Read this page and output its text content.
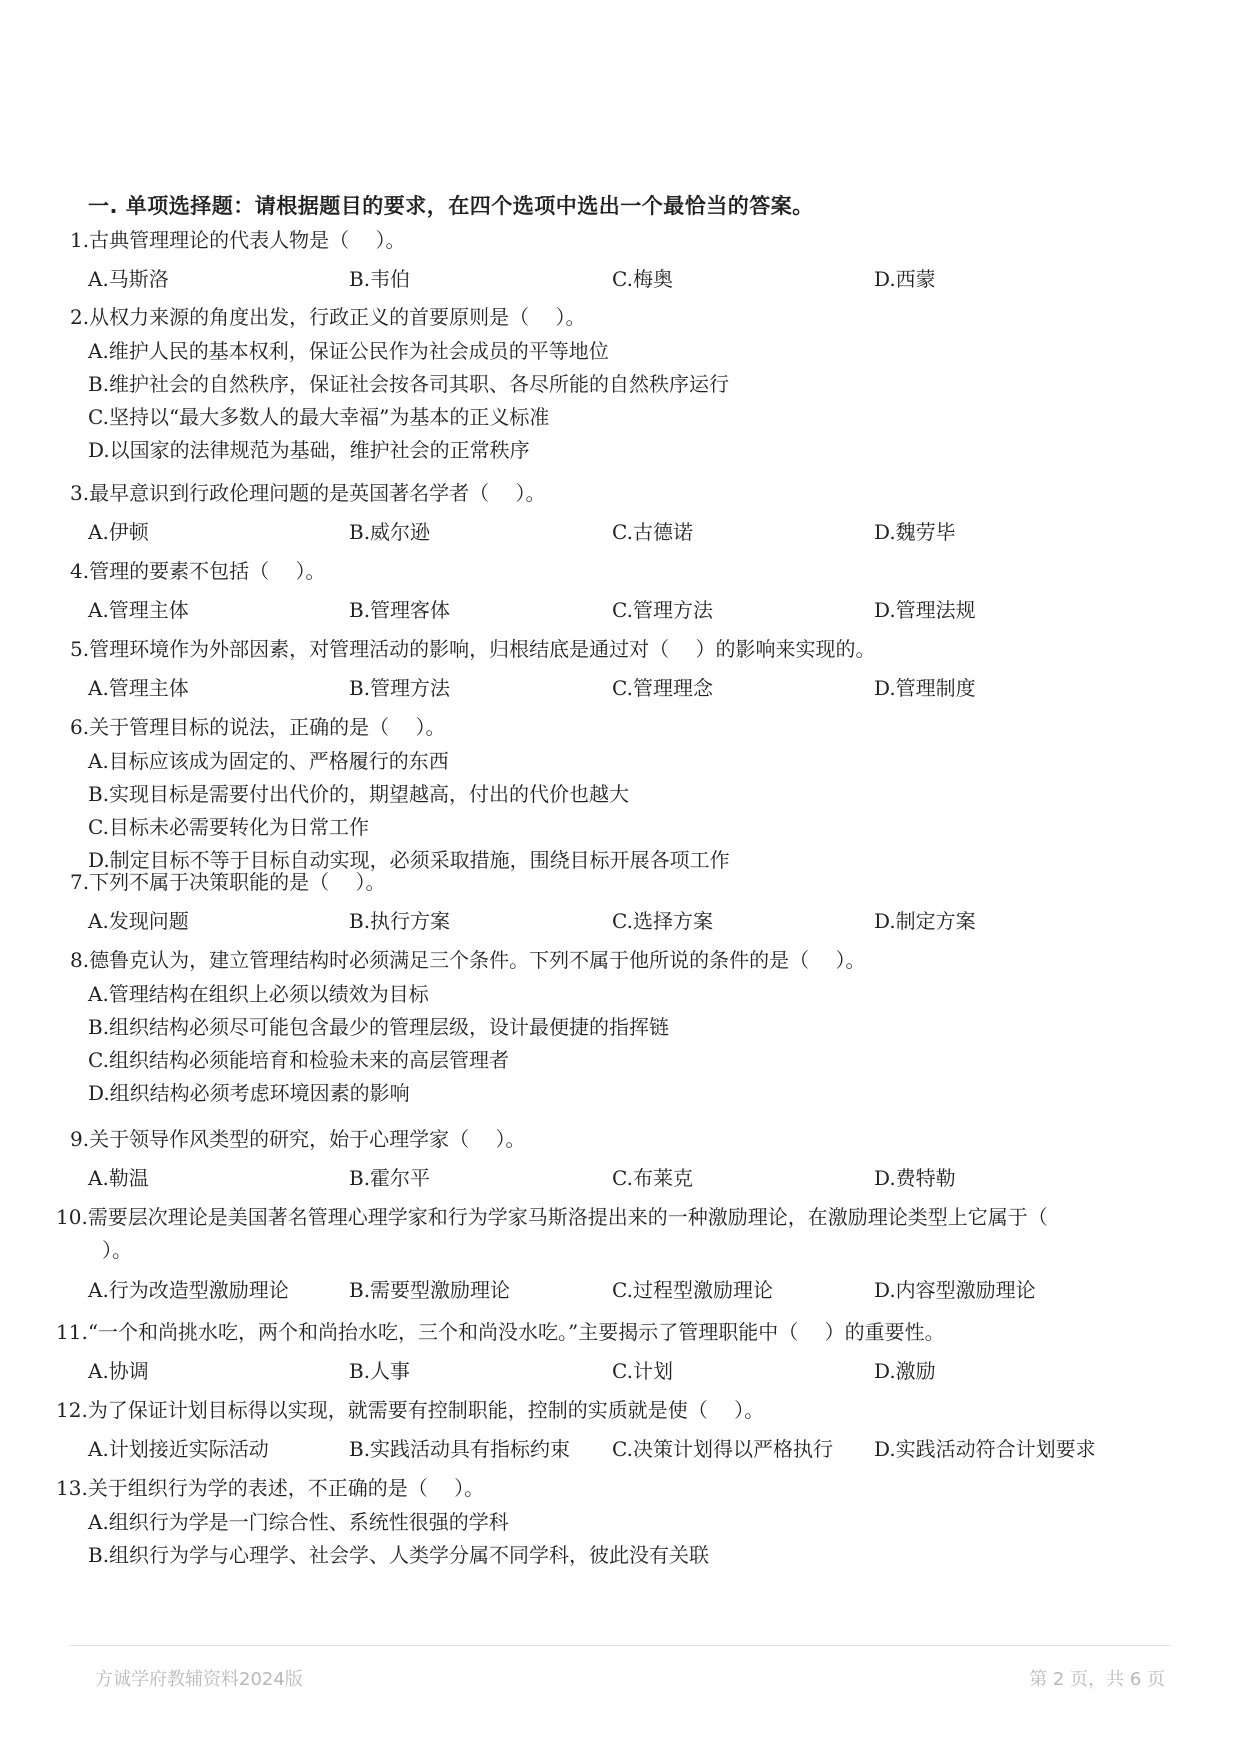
一. 单项选择题：请根据题目的要求，在四个选项中选出一个最恰当的答案。
1.古典管理理论的代表人物是（　 ）。
A.马斯洛	B.韦伯	C.梅奥	D.西蒙
2.从权力来源的角度出发，行政正义的首要原则是（　 ）。
A.维护人民的基本权利，保证公民作为社会成员的平等地位
B.维护社会的自然秩序，保证社会按各司其职、各尽所能的自然秩序运行
C.坚持以“最大多数人的最大幸福”为基本的正义标准
D.以国家的法律规范为基础，维护社会的正常秩序
3.最早意识到行政伦理问题的是英国著名学者（　 ）。
A.伊顿	B.威尔逊	C.古德诺	D.魏劳毕
4.管理的要素不包括（　 ）。
A.管理主体	B.管理客体	C.管理方法	D.管理法规
5.管理环境作为外部因素，对管理活动的影响，归根结底是通过对（　 ）的影响来实现的。
A.管理主体	B.管理方法	C.管理理念	D.管理制度
6.关于管理目标的说法，正确的是（　 ）。
A.目标应该成为固定的、严格履行的东西
B.实现目标是需要付出代价的，期望越高，付出的代价也越大
C.目标未必需要转化为日常工作
D.制定目标不等于目标自动实现，必须采取措施，围绕目标开展各项工作
7.下列不属于决策职能的是（　 ）。
A.发现问题	B.执行方案	C.选择方案	D.制定方案
8.德鲁克认为，建立管理结构时必须满足三个条件。下列不属于他所说的条件的是（　 ）。
A.管理结构在组织上必须以绩效为目标
B.组织结构必须尽可能包含最少的管理层级，设计最便捷的指挥链
C.组织结构必须能培育和检验未来的高层管理者
D.组织结构必须考虑环境因素的影响
9.关于领导作风类型的研究，始于心理学家（　 ）。
A.勒温	B.霍尔平	C.布莱克	D.费特勒
10.需要层次理论是美国著名管理心理学家和行为学家马斯洛提出来的一种激励理论，在激励理论类型上它属于（
）。
A.行为改造型激励理论	B.需要型激励理论	C.过程型激励理论	D.内容型激励理论
11.“一个和尚挑水吃，两个和尚抬水吃，三个和尚没水吃。”主要揭示了管理职能中（　 ）的重要性。
A.协调	B.人事	C.计划	D.激励
12.为了保证计划目标得以实现，就需要有控制职能，控制的实质就是使（　 ）。
A.计划接近实际活动	B.实践活动具有指标约束 C.决策计划得以严格执行 D.实践活动符合计划要求
13.关于组织行为学的表述，不正确的是（　 ）。
A.组织行为学是一门综合性、系统性很强的学科
B.组织行为学与心理学、社会学、人类学分属不同学科，彼此没有关联
方诚学府教辅资料2024版	第 2 页，共 6 页
